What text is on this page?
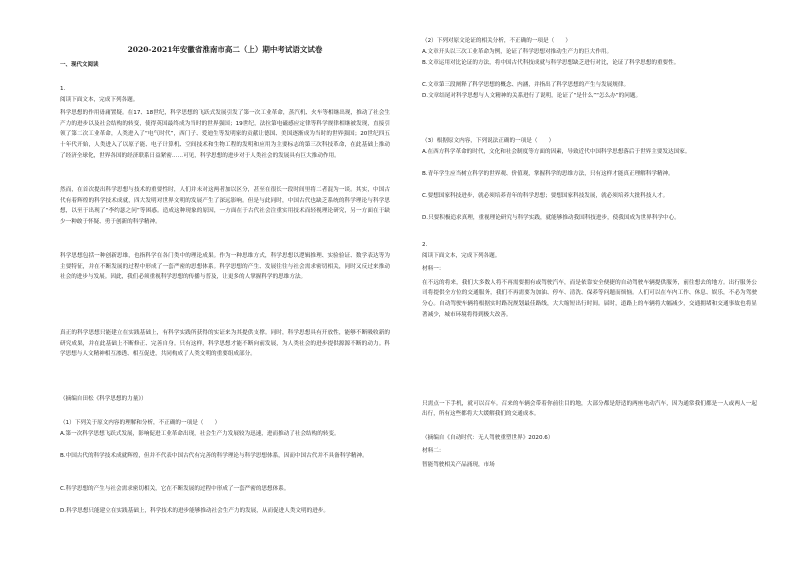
2020-2021年安徽省淮南市高二（上）期中考试语文试卷
一、现代文阅读

1.

阅读下面文本，完成下列各题。

科学思想的作用毋庸置疑。在17、18世纪，科学思想的飞跃式发展引发了第一次工业革命，蒸汽机、火车等相继出现，推动了社会生产力的进步以及社会结构的转变，使得英国最终成为当时的世界强国；19世纪，法拉第电磁感应定律等科学规律相继被发现，直接引领了第二次工业革命，人类进入了“电气时代”，西门子、爱迪生等发明家的贡献让德国、美国逐渐成为当时的世界强国；20世纪四五十年代开始，人类进入了以原子能、电子计算机、空间技术和生物工程的发明和应用为主要标志的第三次科技革命，在此基础上推动了经济全球化，世界各国的经济联系日益紧密……可见，科学思想的进步对于人类社会的发展具有巨大推动作用。

然而，在首次提出科学思想与技术的重要性时，人们并未对这两者加以区分，甚至在很长一段时间里将二者混为一谈。其实，中国古代有着辉煌的科学技术成就，四大发明对世界文明的发展产生了深远影响。但是与此同时，中国古代也缺乏系统的科学理论与科学思想，以至于出现了“李约瑟之问”等困惑。造成这种现象的原因，一方面在于古代社会注重实用技术而轻视理论研究，另一方面在于缺少一种敢于怀疑、勇于创新的科学精神。

科学思想包括一种创新思维，也指科学在各门类中的理论成果。作为一种思维方式，科学思想以逻辑推理、实验验证、数学表达等为主要特征，并在不断发展的过程中形成了一套严密的思想体系。科学思想的产生、发展往往与社会需求密切相关，同时又反过来推动社会的进步与发展。因此，我们必须重视科学思想的传播与普及，让更多的人掌握科学的思维方法。

真正的科学思想只能建立在实践基础上，有科学实践所获得的实证来为其提供支撑。同时，科学思想具有开放性，能够不断吸收新的研究成果，并在此基础上不断修正、完善自身。只有这样，科学思想才能不断向前发展，为人类社会的进步提供源源不断的动力。科学思想与人文精神相互渗透、相互促进，共同构成了人类文明的重要组成部分。

（摘编自田松《科学思想的力量》）

（1）下列关于原文内容的理解和分析，不正确的一项是（　　）

A.第一次科学思想飞跃式发展，影响促进工业革命出现，社会生产力发展较为迅速，进而推动了社会结构的转变。

B.中国古代的科学技术成就辉煌，但并不代表中国古代有完善的科学理论与科学思想体系，因而中国古代并不具备科学精神。

C.科学思想的产生与社会需求密切相关，它在不断发展的过程中形成了一套严密的思想体系。

D.科学思想只能建立在实践基础上，科学技术的进步能够推动社会生产力的发展，从而促进人类文明的进步。

（2）下列对原文论证的相关分析，不正确的一项是（　　）

A.文章开头以三次工业革命为例，论证了科学思想对推动生产力的巨大作用。

B.文章运用对比论证的方法，将中国古代科技成就与科学思想缺乏进行对比，论证了科学思想的重要性。

C.文章第三段阐释了科学思想的概念、内涵，并指出了科学思想的产生与发展规律。

D.文章结尾对科学思想与人文精神的关系进行了说明，论证了“是什么”“怎么办”的问题。

（3）根据原文内容，下列说法正确的一项是（　　）

A.在西方科学革命的时代，文化和社会制度等方面的因素，导致近代中国科学思想落后于世界主要发达国家。

B.青年学生应当树立科学的世界观、价值观，掌握科学的思维方法，只有这样才能真正理解科学精神。

C.要想国家科技进步，就必须培养青年的科学思想；要想国家科技发展，就必须培养大批科技人才。

D.只要积极追求真理，重视理论研究与科学实践，就能够推动我国科技进步，使我国成为世界科学中心。

2.

阅读下面文本，完成下列各题。

材料一：

在不远的将来，我们大多数人将不再需要拥有或驾驶汽车，而是依靠安全便捷的自动驾驶车辆提供服务，前往想去的地方。出行服务公司将提供全方位的交通服务，我们不再需要为加油、停车、清洗、保养等问题而烦恼。人们可以在车内工作、休息、娱乐，不必为驾驶分心。自动驾驶车辆将根据实时路况规划最佳路线，大大缩短出行时间。届时，道路上的车辆将大幅减少，交通拥堵和交通事故也将显著减少，城市环境将得到极大改善。

只需点一下手机，就可以召车。召来的车辆会带着你前往目的地，大部分都是舒适的两座电动汽车，因为通常我们都是一人或两人一起出行，所有这些都将大大缓解我们的交通成本。

（摘编自《自动时代：无人驾驶重塑世界》2020.6）

材料二：

智能驾驶相关产品涌现，市场
